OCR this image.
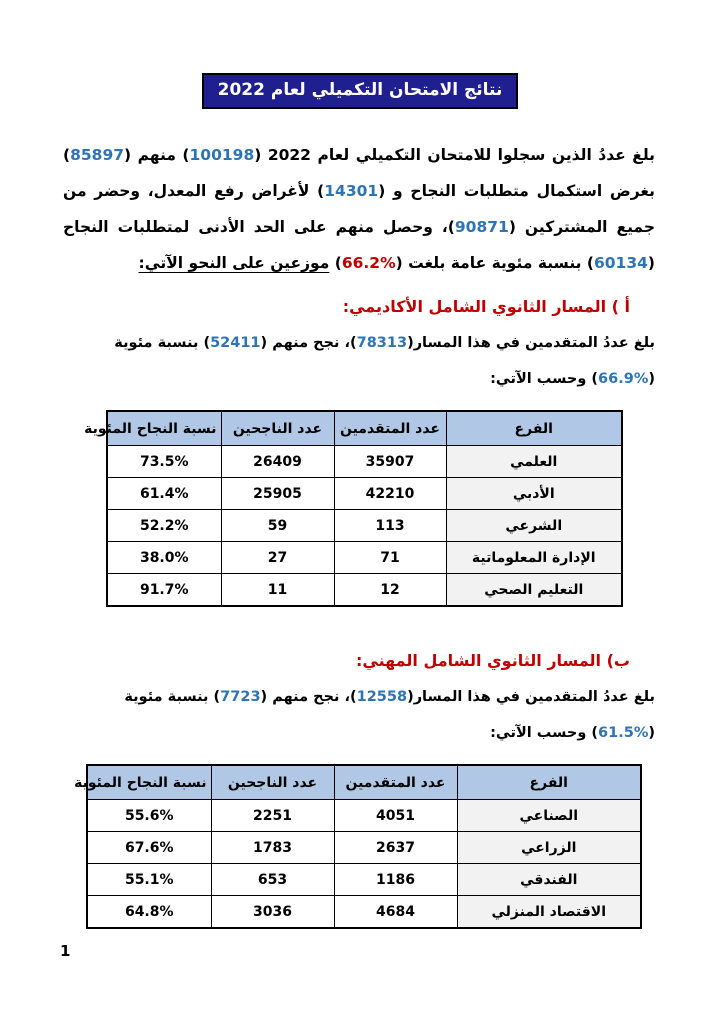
نتائج الامتحان التكميلي لعام 2022

بلغ عددُ الذين سجلوا للامتحان التكميلي لعام 2022 (100198) منهم (85897) بغرض استكمال متطلبات النجاح و (14301) لأغراض رفع المعدل، وحضر من جميع المشتركين (90871)، وحصل منهم على الحد الأدنى لمتطلبات النجاح (60134) بنسبة مئوية عامة بلغت (%66.2) موزعين على النحو الآتي:

أ ) المسار الثانوي الشامل الأكاديمي:

بلغ عددُ المتقدمين في هذا المسار(78313)، نجح منهم (52411) بنسبة مئوية (%66.9) وحسب الآتي:

الفرع	عدد المتقدمين	عدد الناجحين	نسبة النجاح المئوية
العلمي	35907	26409	73.5%
الأدبي	42210	25905	61.4%
الشرعي	113	59	52.2%
الإدارة المعلوماتية	71	27	38.0%
التعليم الصحي	12	11	91.7%
ب) المسار الثانوي الشامل المهني:

بلغ عددُ المتقدمين في هذا المسار(12558)، نجح منهم (7723) بنسبة مئوية (%61.5) وحسب الآتي:

الفرع	عدد المتقدمين	عدد الناجحين	نسبة النجاح المئوية
الصناعي	4051	2251	55.6%
الزراعي	2637	1783	67.6%
الفندقي	1186	653	55.1%
الاقتصاد المنزلي	4684	3036	64.8%
1
